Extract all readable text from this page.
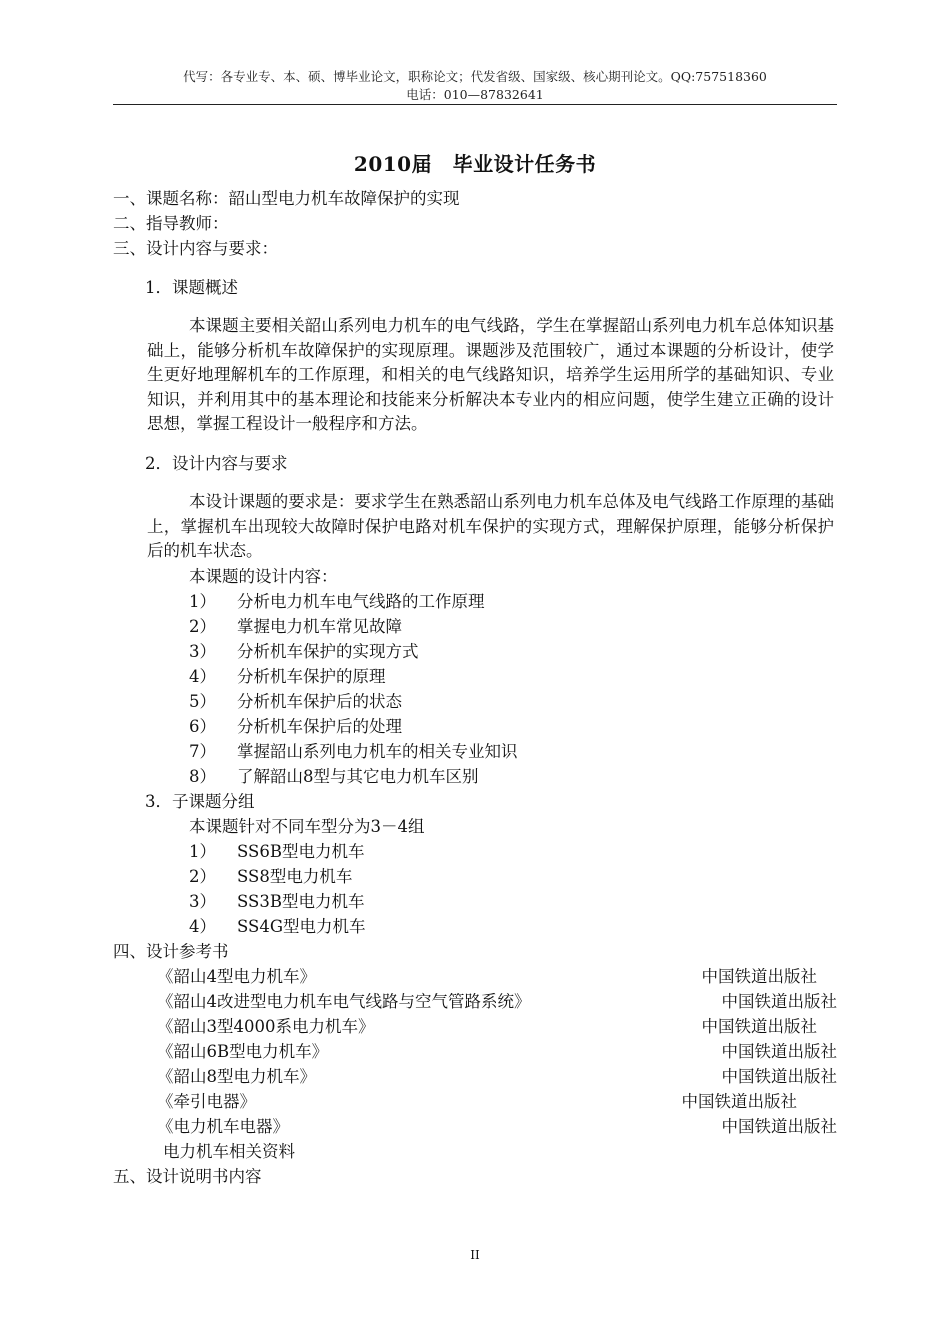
代写：各专业专、本、硕、博毕业论文，职称论文；代发省级、国家级、核心期刊论文。QQ:757518360
电话：010—87832641
2010届　毕业设计任务书
一、课题名称：韶山型电力机车故障保护的实现
二、指导教师：
三、设计内容与要求：
1．课题概述
本课题主要相关韶山系列电力机车的电气线路，学生在掌握韶山系列电力机车总体知识基础上，能够分析机车故障保护的实现原理。课题涉及范围较广，通过本课题的分析设计，使学生更好地理解机车的工作原理，和相关的电气线路知识，培养学生运用所学的基础知识、专业知识，并利用其中的基本理论和技能来分析解决本专业内的相应问题，使学生建立正确的设计思想，掌握工程设计一般程序和方法。
2．设计内容与要求
本设计课题的要求是：要求学生在熟悉韶山系列电力机车总体及电气线路工作原理的基础上，掌握机车出现较大故障时保护电路对机车保护的实现方式，理解保护原理，能够分析保护后的机车状态。
本课题的设计内容：
1）	分析电力机车电气线路的工作原理
2）	掌握电力机车常见故障
3）	分析机车保护的实现方式
4）	分析机车保护的原理
5）	分析机车保护后的状态
6）	分析机车保护后的处理
7）	掌握韶山系列电力机车的相关专业知识
8）	了解韶山8型与其它电力机车区别
3．子课题分组
本课题针对不同车型分为3－4组
1）	SS6B型电力机车
2）	SS8型电力机车
3）	SS3B型电力机车
4）	SS4G型电力机车
四、设计参考书
《韶山4型电力机车》	中国铁道出版社
《韶山4改进型电力机车电气线路与空气管路系统》	中国铁道出版社
《韶山3型4000系电力机车》	中国铁道出版社
《韶山6B型电力机车》	中国铁道出版社
《韶山8型电力机车》	中国铁道出版社
《牵引电器》	中国铁道出版社
《电力机车电器》	中国铁道出版社
电力机车相关资料
五、设计说明书内容
II
